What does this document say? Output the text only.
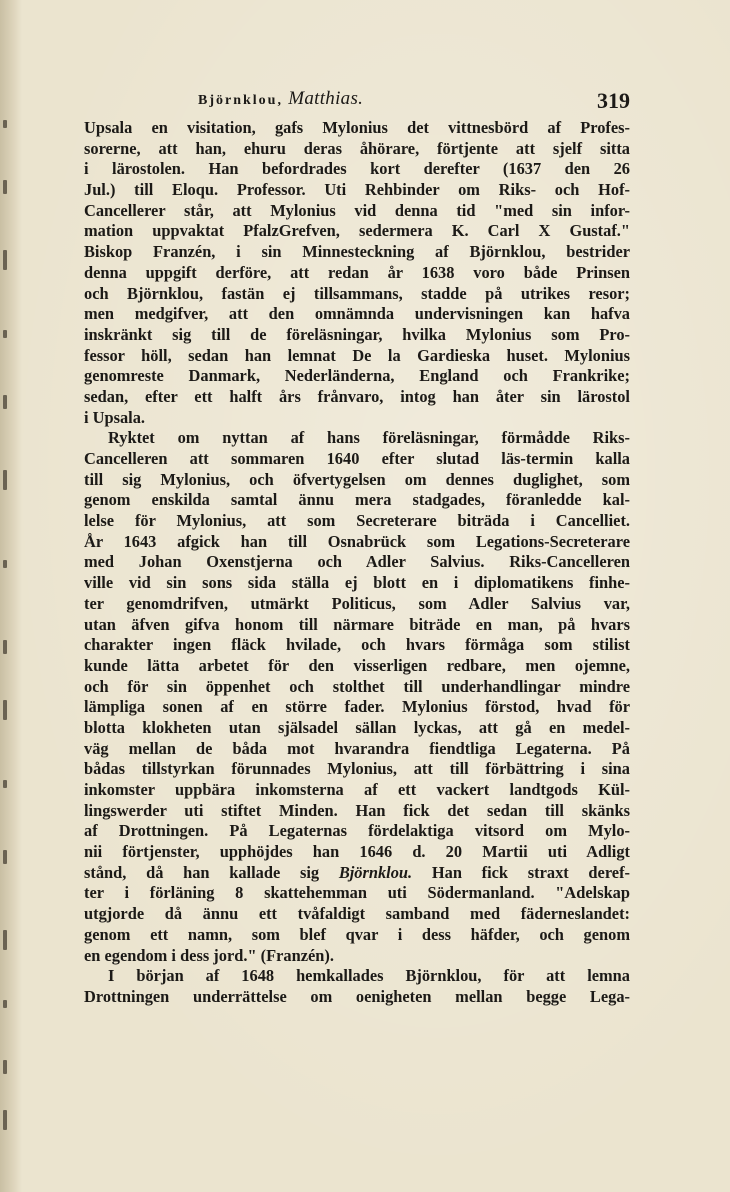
Björnklou, Matthias.	319
Upsala en visitation, gafs Mylonius det vittnesbörd af Profes-
sorerne, att han, ehuru deras åhörare, förtjente att sjelf sitta
i lärostolen. Han befordrades kort derefter (1637 den 26
Jul.) till Eloqu. Professor. Uti Rehbinder om Riks- och Hof-
Cancellerer står, att Mylonius vid denna tid "med sin infor-
mation uppvaktat PfalzGrefven, sedermera K. Carl X Gustaf."
Biskop Franzén, i sin Minnesteckning af Björnklou, bestrider
denna uppgift derföre, att redan år 1638 voro både Prinsen
och Björnklou, fastän ej tillsammans, stadde på utrikes resor;
men medgifver, att den omnämnda undervisningen kan hafva
inskränkt sig till de föreläsningar, hvilka Mylonius som Pro-
fessor höll, sedan han lemnat De la Gardieska huset. Mylonius
genomreste Danmark, Nederländerna, England och Frankrike;
sedan, efter ett halft års frånvaro, intog han åter sin lärostol
i Upsala.
Ryktet om nyttan af hans föreläsningar, förmådde Riks-
Cancelleren att sommaren 1640 efter slutad läs-termin kalla
till sig Mylonius, och öfvertygelsen om dennes duglighet, som
genom enskilda samtal ännu mera stadgades, föranledde kal-
lelse för Mylonius, att som Secreterare biträda i Cancelliet.
År 1643 afgick han till Osnabrück som Legations-Secreterare
med Johan Oxenstjerna och Adler Salvius. Riks-Cancelleren
ville vid sin sons sida ställa ej blott en i diplomatikens finhe-
ter genomdrifven, utmärkt Politicus, som Adler Salvius var,
utan äfven gifva honom till närmare biträde en man, på hvars
charakter ingen fläck hvilade, och hvars förmåga som stilist
kunde lätta arbetet för den visserligen redbare, men ojemne,
och för sin öppenhet och stolthet till underhandlingar mindre
lämpliga sonen af en större fader. Mylonius förstod, hvad för
blotta klokheten utan själsadel sällan lyckas, att gå en medel-
väg mellan de båda mot hvarandra fiendtliga Legaterna. På
bådas tillstyrkan förunnades Mylonius, att till förbättring i sina
inkomster uppbära inkomsterna af ett vackert landtgods Kül-
lingswerder uti stiftet Minden. Han fick det sedan till skänks
af Drottningen. På Legaternas fördelaktiga vitsord om Mylo-
nii förtjenster, upphöjdes han 1646 d. 20 Martii uti Adligt
stånd, då han kallade sig Björnklou. Han fick straxt deref-
ter i förläning 8 skattehemman uti Södermanland. "Adelskap
utgjorde då ännu ett tvåfaldigt samband med fäderneslandet:
genom ett namn, som blef qvar i dess häfder, och genom
en egendom i dess jord." (Franzén).
I början af 1648 hemkallades Björnklou, för att lemna
Drottningen underrättelse om oenigheten mellan begge Lega-
